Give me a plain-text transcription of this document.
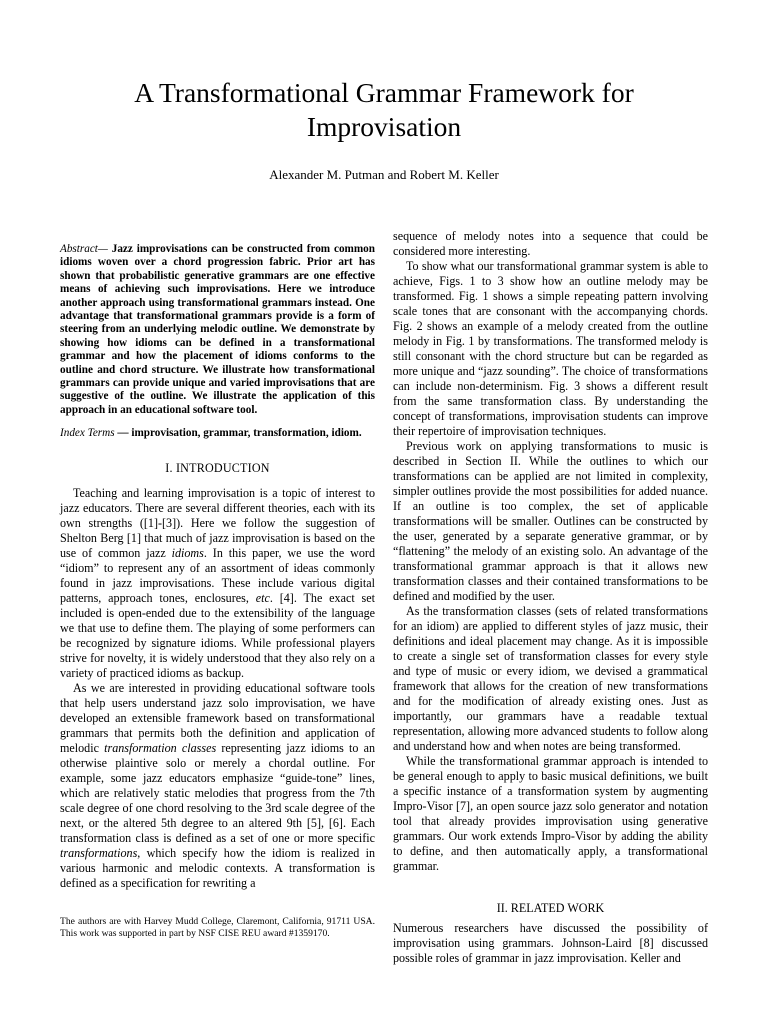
A Transformational Grammar Framework for Improvisation
Alexander M. Putman and Robert M. Keller

Abstract— Jazz improvisations can be constructed from common idioms woven over a chord progression fabric. Prior art has shown that probabilistic generative grammars are one effective means of achieving such improvisations. Here we introduce another approach using transformational grammars instead. One advantage that transformational grammars provide is a form of steering from an underlying melodic outline. We demonstrate by showing how idioms can be defined in a transformational grammar and how the placement of idioms conforms to the outline and chord structure. We illustrate how transformational grammars can provide unique and varied improvisations that are suggestive of the outline. We illustrate the application of this approach in an educational software tool.

Index Terms — improvisation, grammar, transformation, idiom.

I. INTRODUCTION

Teaching and learning improvisation is a topic of interest to jazz educators. There are several different theories, each with its own strengths ([1]-[3]). Here we follow the suggestion of Shelton Berg [1] that much of jazz improvisation is based on the use of common jazz idioms. In this paper, we use the word “idiom” to represent any of an assortment of ideas commonly found in jazz improvisations. These include various digital patterns, approach tones, enclosures, etc. [4]. The exact set included is open-ended due to the extensibility of the language we that use to define them. The playing of some performers can be recognized by signature idioms. While professional players strive for novelty, it is widely understood that they also rely on a variety of practiced idioms as backup.

As we are interested in providing educational software tools that help users understand jazz solo improvisation, we have developed an extensible framework based on transformational grammars that permits both the definition and application of melodic transformation classes representing jazz idioms to an otherwise plaintive solo or merely a chordal outline. For example, some jazz educators emphasize “guide-tone” lines, which are relatively static melodies that progress from the 7th scale degree of one chord resolving to the 3rd scale degree of the next, or the altered 5th degree to an altered 9th [5], [6]. Each transformation class is defined as a set of one or more specific transformations, which specify how the idiom is realized in various harmonic and melodic contexts. A transformation is defined as a specification for rewriting a

The authors are with Harvey Mudd College, Claremont, California, 91711 USA. This work was supported in part by NSF CISE REU award #1359170.

sequence of melody notes into a sequence that could be considered more interesting.

To show what our transformational grammar system is able to achieve, Figs. 1 to 3 show how an outline melody may be transformed. Fig. 1 shows a simple repeating pattern involving scale tones that are consonant with the accompanying chords. Fig. 2 shows an example of a melody created from the outline melody in Fig. 1 by transformations. The transformed melody is still consonant with the chord structure but can be regarded as more unique and “jazz sounding”. The choice of transformations can include non-determinism. Fig. 3 shows a different result from the same transformation class. By understanding the concept of transformations, improvisation students can improve their repertoire of improvisation techniques.

Previous work on applying transformations to music is described in Section II. While the outlines to which our transformations can be applied are not limited in complexity, simpler outlines provide the most possibilities for added nuance. If an outline is too complex, the set of applicable transformations will be smaller. Outlines can be constructed by the user, generated by a separate generative grammar, or by “flattening” the melody of an existing solo. An advantage of the transformational grammar approach is that it allows new transformation classes and their contained transformations to be defined and modified by the user.

As the transformation classes (sets of related transformations for an idiom) are applied to different styles of jazz music, their definitions and ideal placement may change. As it is impossible to create a single set of transformation classes for every style and type of music or every idiom, we devised a grammatical framework that allows for the creation of new transformations and for the modification of already existing ones. Just as importantly, our grammars have a readable textual representation, allowing more advanced students to follow along and understand how and when notes are being transformed.

While the transformational grammar approach is intended to be general enough to apply to basic musical definitions, we built a specific instance of a transformation system by augmenting Impro-Visor [7], an open source jazz solo generator and notation tool that already provides improvisation using generative grammars. Our work extends Impro-Visor by adding the ability to define, and then automatically apply, a transformational grammar.

II. RELATED WORK

Numerous researchers have discussed the possibility of improvisation using grammars. Johnson-Laird [8] discussed possible roles of grammar in jazz improvisation. Keller and
